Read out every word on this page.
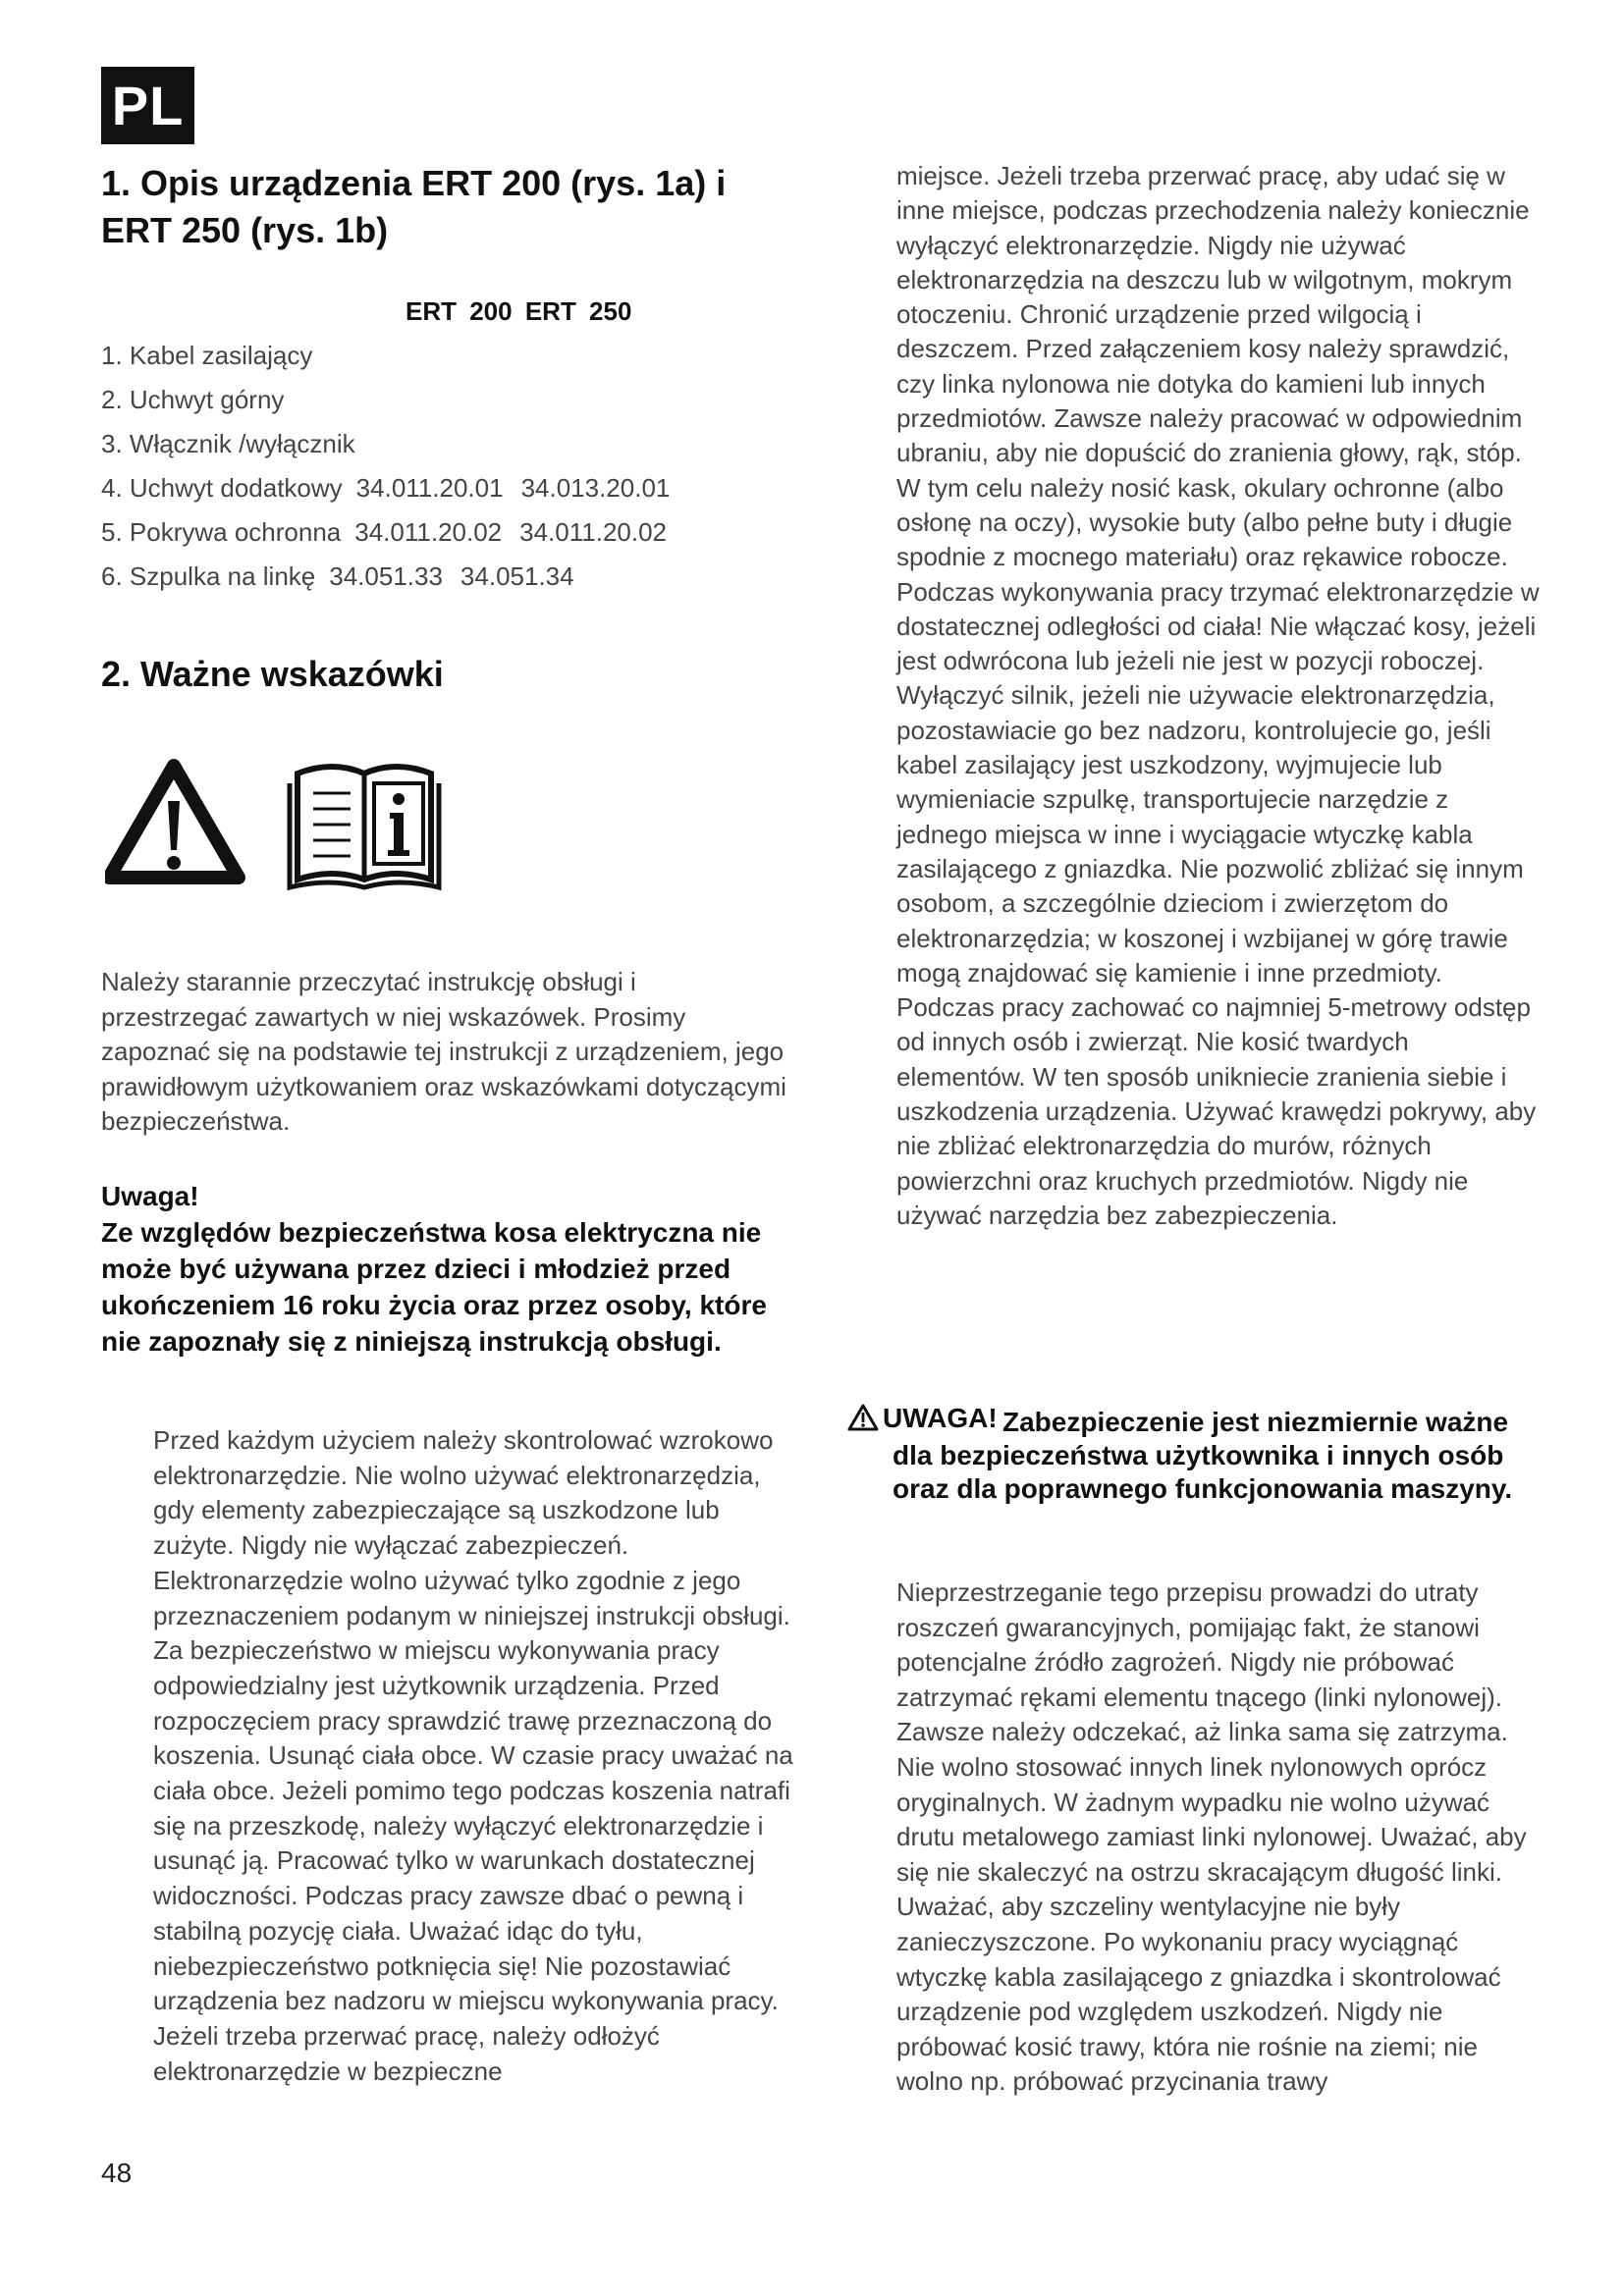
PL
1. Opis urządzenia ERT 200 (rys. 1a) i ERT 250 (rys. 1b)
ERT 200 ERT 250
1. Kabel zasilający
2. Uchwyt górny
3. Włącznik /wyłącznik
4. Uchwyt dodatkowy 34.011.20.01 34.013.20.01
5. Pokrywa ochronna 34.011.20.02 34.011.20.02
6. Szpulka na linkę 34.051.33 34.051.34
2. Ważne wskazówki

Należy starannie przeczytać instrukcję obsługi i przestrzegać zawartych w niej wskazówek. Prosimy zapoznać się na podstawie tej instrukcji z urządzeniem, jego prawidłowym użytkowaniem oraz wskazówkami dotyczącymi bezpieczeństwa.

Uwaga!
Ze względów bezpieczeństwa kosa elektryczna nie może być używana przez dzieci i młodzież przed ukończeniem 16 roku życia oraz przez osoby, które nie zapoznały się z niniejszą instrukcją obsługi.

Przed każdym użyciem należy skontrolować wzrokowo elektronarzędzie. Nie wolno używać elektronarzędzia, gdy elementy zabezpieczające są uszkodzone lub zużyte. Nigdy nie wyłączać zabezpieczeń. Elektronarzędzie wolno używać tylko zgodnie z jego przeznaczeniem podanym w niniejszej instrukcji obsługi. Za bezpieczeństwo w miejscu wykonywania pracy odpowiedzialny jest użytkownik urządzenia. Przed rozpoczęciem pracy sprawdzić trawę przeznaczoną do koszenia. Usunąć ciała obce. W czasie pracy uważać na ciała obce. Jeżeli pomimo tego podczas koszenia natrafi się na przeszkodę, należy wyłączyć elektronarzędzie i usunąć ją. Pracować tylko w warunkach dostatecznej widoczności. Podczas pracy zawsze dbać o pewną i stabilną pozycję ciała. Uważać idąc do tyłu, niebezpieczeństwo potknięcia się! Nie pozostawiać urządzenia bez nadzoru w miejscu wykonywania pracy. Jeżeli trzeba przerwać pracę, należy odłożyć elektronarzędzie w bezpieczne

48

miejsce. Jeżeli trzeba przerwać pracę, aby udać się w inne miejsce, podczas przechodzenia należy koniecznie wyłączyć elektronarzędzie. Nigdy nie używać elektronarzędzia na deszczu lub w wilgotnym, mokrym otoczeniu. Chronić urządzenie przed wilgocią i deszczem. Przed załączeniem kosy należy sprawdzić, czy linka nylonowa nie dotyka do kamieni lub innych przedmiotów. Zawsze należy pracować w odpowiednim ubraniu, aby nie dopuścić do zranienia głowy, rąk, stóp. W tym celu należy nosić kask, okulary ochronne (albo osłonę na oczy), wysokie buty (albo pełne buty i długie spodnie z mocnego materiału) oraz rękawice robocze. Podczas wykonywania pracy trzymać elektronarzędzie w dostatecznej odległości od ciała! Nie włączać kosy, jeżeli jest odwrócona lub jeżeli nie jest w pozycji roboczej. Wyłączyć silnik, jeżeli nie używacie elektronarzędzia, pozostawiacie go bez nadzoru, kontrolujecie go, jeśli kabel zasilający jest uszkodzony, wyjmujecie lub wymieniacie szpulkę, transportujecie narzędzie z jednego miejsca w inne i wyciągacie wtyczkę kabla zasilającego z gniazdka. Nie pozwolić zbliżać się innym osobom, a szczególnie dzieciom i zwierzętom do elektronarzędzia; w koszonej i wzbijanej w górę trawie mogą znajdować się kamienie i inne przedmioty. Podczas pracy zachować co najmniej 5-metrowy odstęp od innych osób i zwierząt. Nie kosić twardych elementów. W ten sposób unikniecie zranienia siebie i uszkodzenia urządzenia. Używać krawędzi pokrywy, aby nie zbliżać elektronarzędzia do murów, różnych powierzchni oraz kruchych przedmiotów. Nigdy nie używać narzędzia bez zabezpieczenia.

UWAGA! Zabezpieczenie jest niezmiernie ważne dla bezpieczeństwa użytkownika i innych osób oraz dla poprawnego funkcjonowania maszyny.

Nieprzestrzeganie tego przepisu prowadzi do utraty roszczeń gwarancyjnych, pomijając fakt, że stanowi potencjalne źródło zagrożeń. Nigdy nie próbować zatrzymać rękami elementu tnącego (linki nylonowej). Zawsze należy odczekać, aż linka sama się zatrzyma. Nie wolno stosować innych linek nylonowych oprócz oryginalnych. W żadnym wypadku nie wolno używać drutu metalowego zamiast linki nylonowej. Uważać, aby się nie skaleczyć na ostrzu skracającym długość linki. Uważać, aby szczeliny wentylacyjne nie były zanieczyszczone. Po wykonaniu pracy wyciągnąć wtyczkę kabla zasilającego z gniazdka i skontrolować urządzenie pod względem uszkodzeń. Nigdy nie próbować kosić trawy, która nie rośnie na ziemi; nie wolno np. próbować przycinania trawy
